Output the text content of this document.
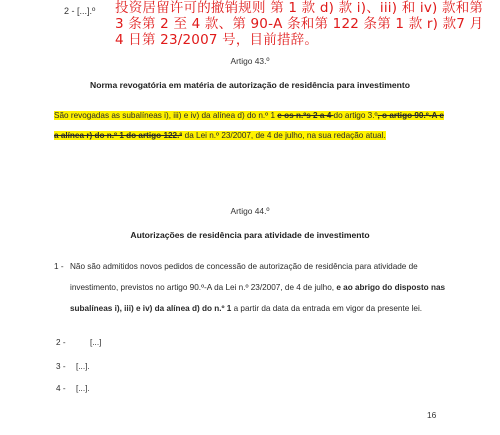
2 - [...].º 投资居留许可的撤销规则 第 1 款 d) 款 i)、iii) 和 iv) 款和第 3 条第 2 至 4 款、第 90-A 条和第 122 条第 1 款 r) 款7 月 4 日第 23/2007 号，目前措辞。
Artigo 43.º
Norma revogatória em matéria de autorização de residência para investimento
São revogadas as subalíneas i), iii) e iv) da alínea d) do n.º 1 e os n.ºs 2 a 4 do artigo 3.º, o artigo 90.º-A e a alínea r) do n.º 1 do artigo 122.º da Lei n.º 23/2007, de 4 de julho, na sua redação atual.
Artigo 44.º
Autorizações de residência para atividade de investimento
1 - Não são admitidos novos pedidos de concessão de autorização de residência para atividade de investimento, previstos no artigo 90.º-A da Lei n.º 23/2007, de 4 de julho, e ao abrigo do disposto nas subalíneas i), iii) e iv) da alínea d) do n.º 1 a partir da data da entrada em vigor da presente lei.
2 -	[...]
3 - [...].
4 - [...].
16
